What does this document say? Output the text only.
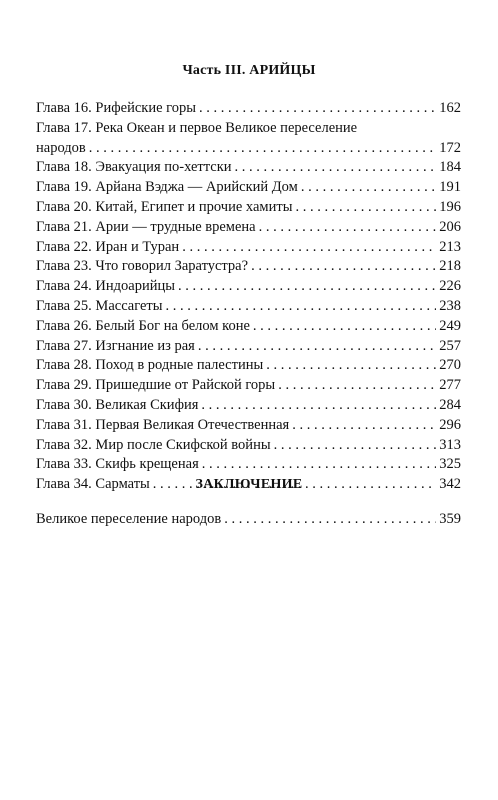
Часть III. АРИЙЦЫ
Глава 16. Рифейские горы . . .	162
Глава 17. Река Океан и первое Великое переселение
народов . . .	172
Глава 18. Эвакуация по-хеттски . . .	184
Глава 19. Арйана Вэджа — Арийский Дом . . .	191
Глава 20. Китай, Египет и прочие хамиты . . .	196
Глава 21. Арии — трудные времена . . .	206
Глава 22. Иран и Туран . . .	213
Глава 23. Что говорил Заратустра? . . .	218
Глава 24. Индоарийцы . . .	226
Глава 25. Массагеты . . .	238
Глава 26. Белый Бог на белом коне . . .	249
Глава 27. Изгнание из рая . . .	257
Глава 28. Поход в родные палестины . . .	270
Глава 29. Пришедшие от Райской горы . . .	277
Глава 30. Великая Скифия . . .	284
Глава 31. Первая Великая Отечественная . . .	296
Глава 32. Мир после Скифской войны . . .	313
Глава 33. Скифь крещеная . . .	325
Глава 34. Сарматы . . .	342
ЗАКЛЮЧЕНИЕ
Великое переселение народов . . .	359
